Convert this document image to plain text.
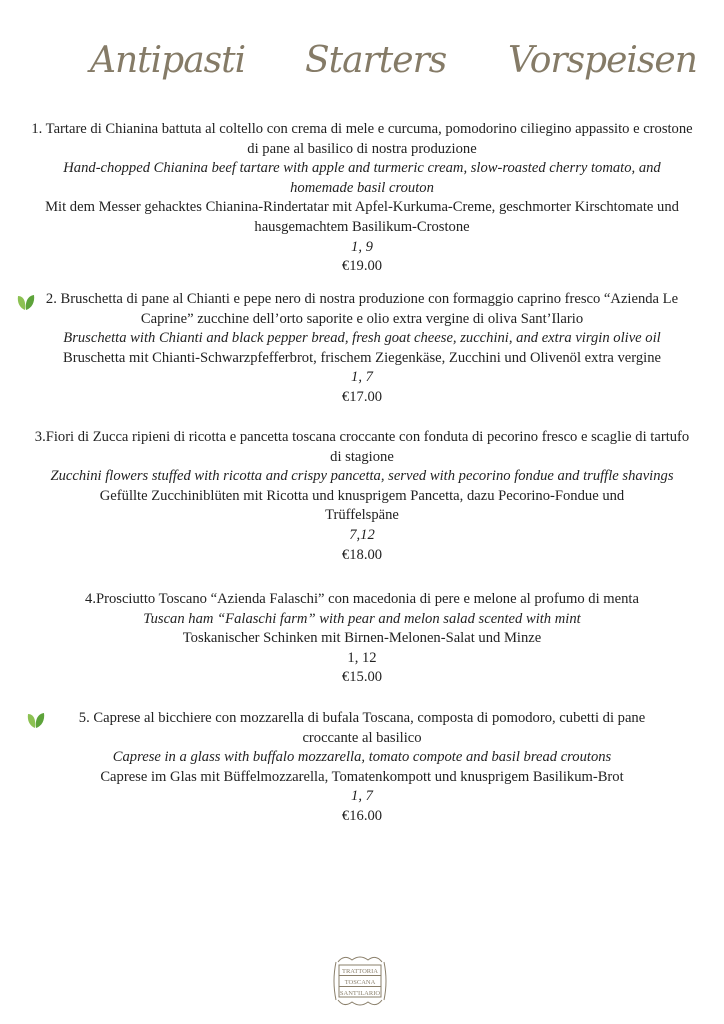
Antipasti Starters Vorspeisen
1. Tartare di Chianina battuta al coltello con crema di mele e curcuma, pomodorino ciliegino appassito e crostone di pane al basilico di nostra produzione
Hand-chopped Chianina beef tartare with apple and turmeric cream, slow-roasted cherry tomato, and homemade basil crouton
Mit dem Messer gehacktes Chianina-Rindertatar mit Apfel-Kurkuma-Creme, geschmorter Kirschtomate und hausgemachtem Basilikum-Crostone
1, 9
€19.00
2. Bruschetta di pane al Chianti e pepe nero di nostra produzione con formaggio caprino fresco “Azienda Le Caprine” zucchine dell’orto saporite e olio extra vergine di oliva Sant’Ilario
Bruschetta with Chianti and black pepper bread, fresh goat cheese, zucchini, and extra virgin olive oil
Bruschetta mit Chianti-Schwarzpfefferbrot, frischem Ziegenkäse, Zucchini und Olivenöl extra vergine
1, 7
€17.00
3.Fiori di Zucca ripieni di ricotta e pancetta toscana croccante con fonduta di pecorino fresco e scaglie di tartufo di stagione
Zucchini flowers stuffed with ricotta and crispy pancetta, served with pecorino fondue and truffle shavings
Gefüllte Zucchiniblüten mit Ricotta und knusprigem Pancetta, dazu Pecorino-Fondue und Trüffelspäne
7,12
€18.00
4.Prosciutto Toscano “Azienda Falaschi” con macedonia di pere e melone al profumo di menta
Tuscan ham “Falaschi farm” with pear and melon salad scented with mint
Toskanischer Schinken mit Birnen-Melonen-Salat und Minze
1, 12
€15.00
5. Caprese al bicchiere con mozzarella di bufala Toscana, composta di pomodoro, cubetti di pane croccante al basilico
Caprese in a glass with buffalo mozzarella, tomato compote and basil bread croutons
Caprese im Glas mit Büffelmozzarella, Tomatenkompott und knusprigem Basilikum-Brot
1, 7
€16.00
TRATTORIA
TOSCANA
SANT'ILARIO
